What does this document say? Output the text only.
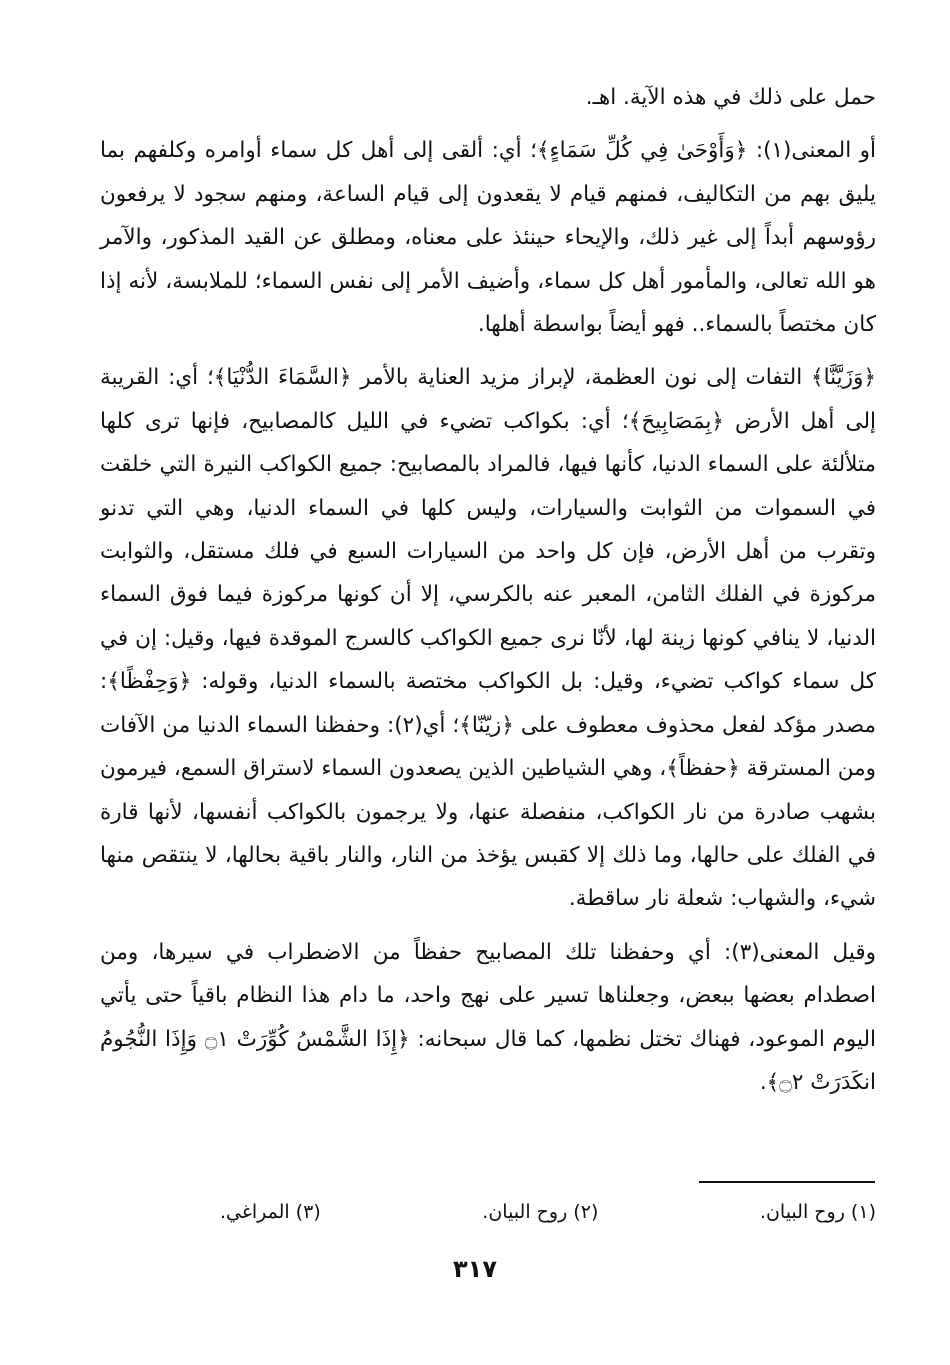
حمل على ذلك في هذه الآية. اهـ.

أو المعنى(١): ﴿وَأَوْحَىٰ فِي كُلِّ سَمَاءٍ﴾؛ أي: ألقى إلى أهل كل سماء أوامره وكلفهم بما يليق بهم من التكاليف، فمنهم قيام لا يقعدون إلى قيام الساعة، ومنهم سجود لا يرفعون رؤوسهم أبداً إلى غير ذلك، والإيحاء حينئذ على معناه، ومطلق عن القيد المذكور، والآمر هو الله تعالى، والمأمور أهل كل سماء، وأضيف الأمر إلى نفس السماء؛ للملابسة، لأنه إذا كان مختصاً بالسماء.. فهو أيضاً بواسطة أهلها.

﴿وَزَيَّنَّا﴾ التفات إلى نون العظمة، لإبراز مزيد العناية بالأمر ﴿السَّمَاءَ الدُّنْيَا﴾؛ أي: القريبة إلى أهل الأرض ﴿بِمَصَابِيحَ﴾؛ أي: بكواكب تضيء في الليل كالمصابيح، فإنها ترى كلها متلألئة على السماء الدنيا، كأنها فيها، فالمراد بالمصابيح: جميع الكواكب النيرة التي خلقت في السموات من الثوابت والسيارات، وليس كلها في السماء الدنيا، وهي التي تدنو وتقرب من أهل الأرض، فإن كل واحد من السيارات السبع في فلك مستقل، والثوابت مركوزة في الفلك الثامن، المعبر عنه بالكرسي، إلا أن كونها مركوزة فيما فوق السماء الدنيا، لا ينافي كونها زينة لها، لأنّا نرى جميع الكواكب كالسرج الموقدة فيها، وقيل: إن في كل سماء كواكب تضيء، وقيل: بل الكواكب مختصة بالسماء الدنيا، وقوله: ﴿وَحِفْظًا﴾: مصدر مؤكد لفعل محذوف معطوف على ﴿زيّنّا﴾؛ أي(٢): وحفظنا السماء الدنيا من الآفات ومن المسترقة ﴿حفظاً﴾، وهي الشياطين الذين يصعدون السماء لاستراق السمع، فيرمون بشهب صادرة من نار الكواكب، منفصلة عنها، ولا يرجمون بالكواكب أنفسها، لأنها قارة في الفلك على حالها، وما ذلك إلا كقبس يؤخذ من النار، والنار باقية بحالها، لا ينتقص منها شيء، والشهاب: شعلة نار ساقطة.

وقيل المعنى(٣): أي وحفظنا تلك المصابيح حفظاً من الاضطراب في سيرها، ومن اصطدام بعضها ببعض، وجعلناها تسير على نهج واحد، ما دام هذا النظام باقياً حتى يأتي اليوم الموعود، فهناك تختل نظمها، كما قال سبحانه: ﴿إِذَا الشَّمْسُ كُوِّرَتْ ۝١ وَإِذَا النُّجُومُ انكَدَرَتْ ۝٢﴾.

(١) روح البيان.
(٢) روح البيان.
(٣) المراغي.
٣١٧
